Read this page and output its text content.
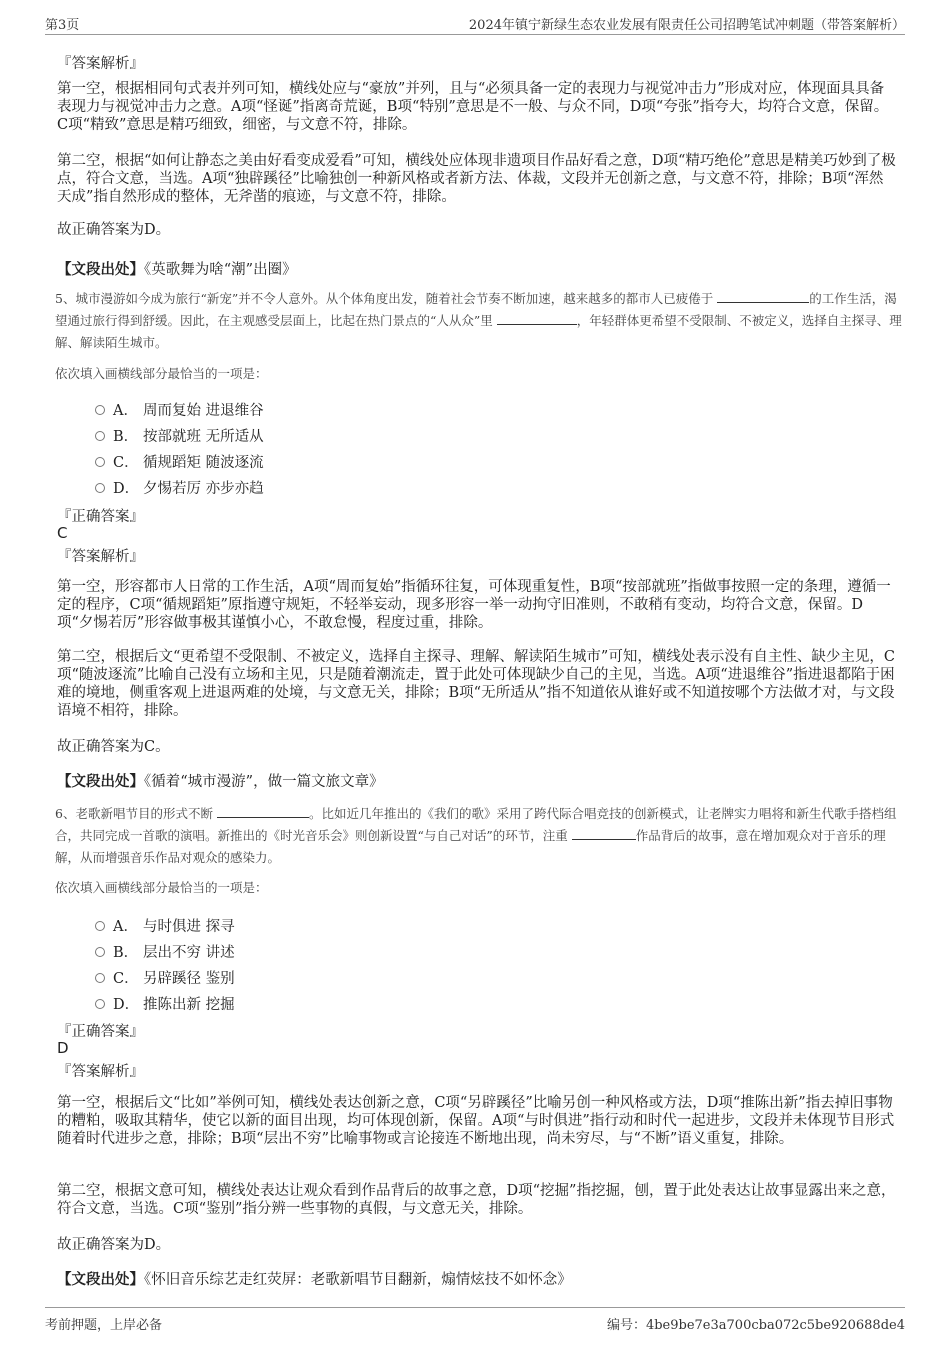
第3页	2024年镇宁新绿生态农业发展有限责任公司招聘笔试冲刺题（带答案解析）
『答案解析』
第一空，根据相同句式表并列可知，横线处应与“豪放”并列，且与“必须具备一定的表现力与视觉冲击力”形成对应，体现面具具备表现力与视觉冲击力之意。A项“怪诞”指离奇荒诞，B项“特别”意思是不一般、与众不同，D项“夸张”指夸大，均符合文意，保留。C项“精致”意思是精巧细致，细密，与文意不符，排除。
第二空，根据“如何让静态之美由好看变成爱看”可知，横线处应体现非遗项目作品好看之意，D项“精巧绝伦”意思是精美巧妙到了极点，符合文意，当选。A项“独辟蹊径”比喻独创一种新风格或者新方法、体裁，文段并无创新之意，与文意不符，排除；B项“浑然天成”指自然形成的整体，无斧凿的痕迹，与文意不符，排除。
故正确答案为D。
【文段出处】《英歌舞为啥“潮”出圈》
5、城市漫游如今成为旅行“新宠”并不令人意外。从个体角度出发，随着社会节奏不断加速，越来越多的都市人已疲倦于	的工作生活，渴望通过旅行得到舒缓。因此，在主观感受层面上，比起在热门景点的“人从众”里	，年轻群体更希望不受限制、不被定义，选择自主探寻、理解、解读陌生城市。
依次填入画横线部分最恰当的一项是：
A． 周而复始 进退维谷
B． 按部就班 无所适从
C． 循规蹈矩 随波逐流
D． 夕惕若厉 亦步亦趋
『正确答案』
C
『答案解析』
第一空，形容都市人日常的工作生活，A项“周而复始”指循环往复，可体现重复性，B项“按部就班”指做事按照一定的条理，遵循一定的程序，C项“循规蹈矩”原指遵守规矩，不轻举妄动，现多形容一举一动拘守旧准则，不敢稍有变动，均符合文意，保留。D项“夕惕若厉”形容做事极其谨慎小心，不敢怠慢，程度过重，排除。
第二空，根据后文“更希望不受限制、不被定义，选择自主探寻、理解、解读陌生城市”可知，横线处表示没有自主性、缺少主见，C项“随波逐流”比喻自己没有立场和主见，只是随着潮流走，置于此处可体现缺少自己的主见，当选。A项“进退维谷”指进退都陷于困难的境地，侧重客观上进退两难的处境，与文意无关，排除；B项“无所适从”指不知道依从谁好或不知道按哪个方法做才对，与文段语境不相符，排除。
故正确答案为C。
【文段出处】《循着“城市漫游”，做一篇文旅文章》
6、老歌新唱节目的形式不断	。比如近几年推出的《我们的歌》采用了跨代际合唱竞技的创新模式，让老牌实力唱将和新生代歌手搭档组合，共同完成一首歌的演唱。新推出的《时光音乐会》则创新设置“与自己对话”的环节，注重	作品背后的故事，意在增加观众对于音乐的理解，从而增强音乐作品对观众的感染力。
依次填入画横线部分最恰当的一项是：
A． 与时俱进 探寻
B． 层出不穷 讲述
C． 另辟蹊径 鉴别
D． 推陈出新 挖掘
『正确答案』
D
『答案解析』
第一空，根据后文“比如”举例可知，横线处表达创新之意，C项“另辟蹊径”比喻另创一种风格或方法，D项“推陈出新”指去掉旧事物的糟粕，吸取其精华，使它以新的面目出现，均可体现创新，保留。A项“与时俱进”指行动和时代一起进步，文段并未体现节目形式随着时代进步之意，排除；B项“层出不穷”比喻事物或言论接连不断地出现，尚未穷尽，与“不断”语义重复，排除。
第二空，根据文意可知，横线处表达让观众看到作品背后的故事之意，D项“挖掘”指挖掘，刨，置于此处表达让故事显露出来之意，符合文意，当选。C项“鉴别”指分辨一些事物的真假，与文意无关，排除。
故正确答案为D。
【文段出处】《怀旧音乐综艺走红荧屏：老歌新唱节目翻新，煽情炫技不如怀念》
考前押题，上岸必备	编号：4be9be7e3a700cba072c5be920688de4
